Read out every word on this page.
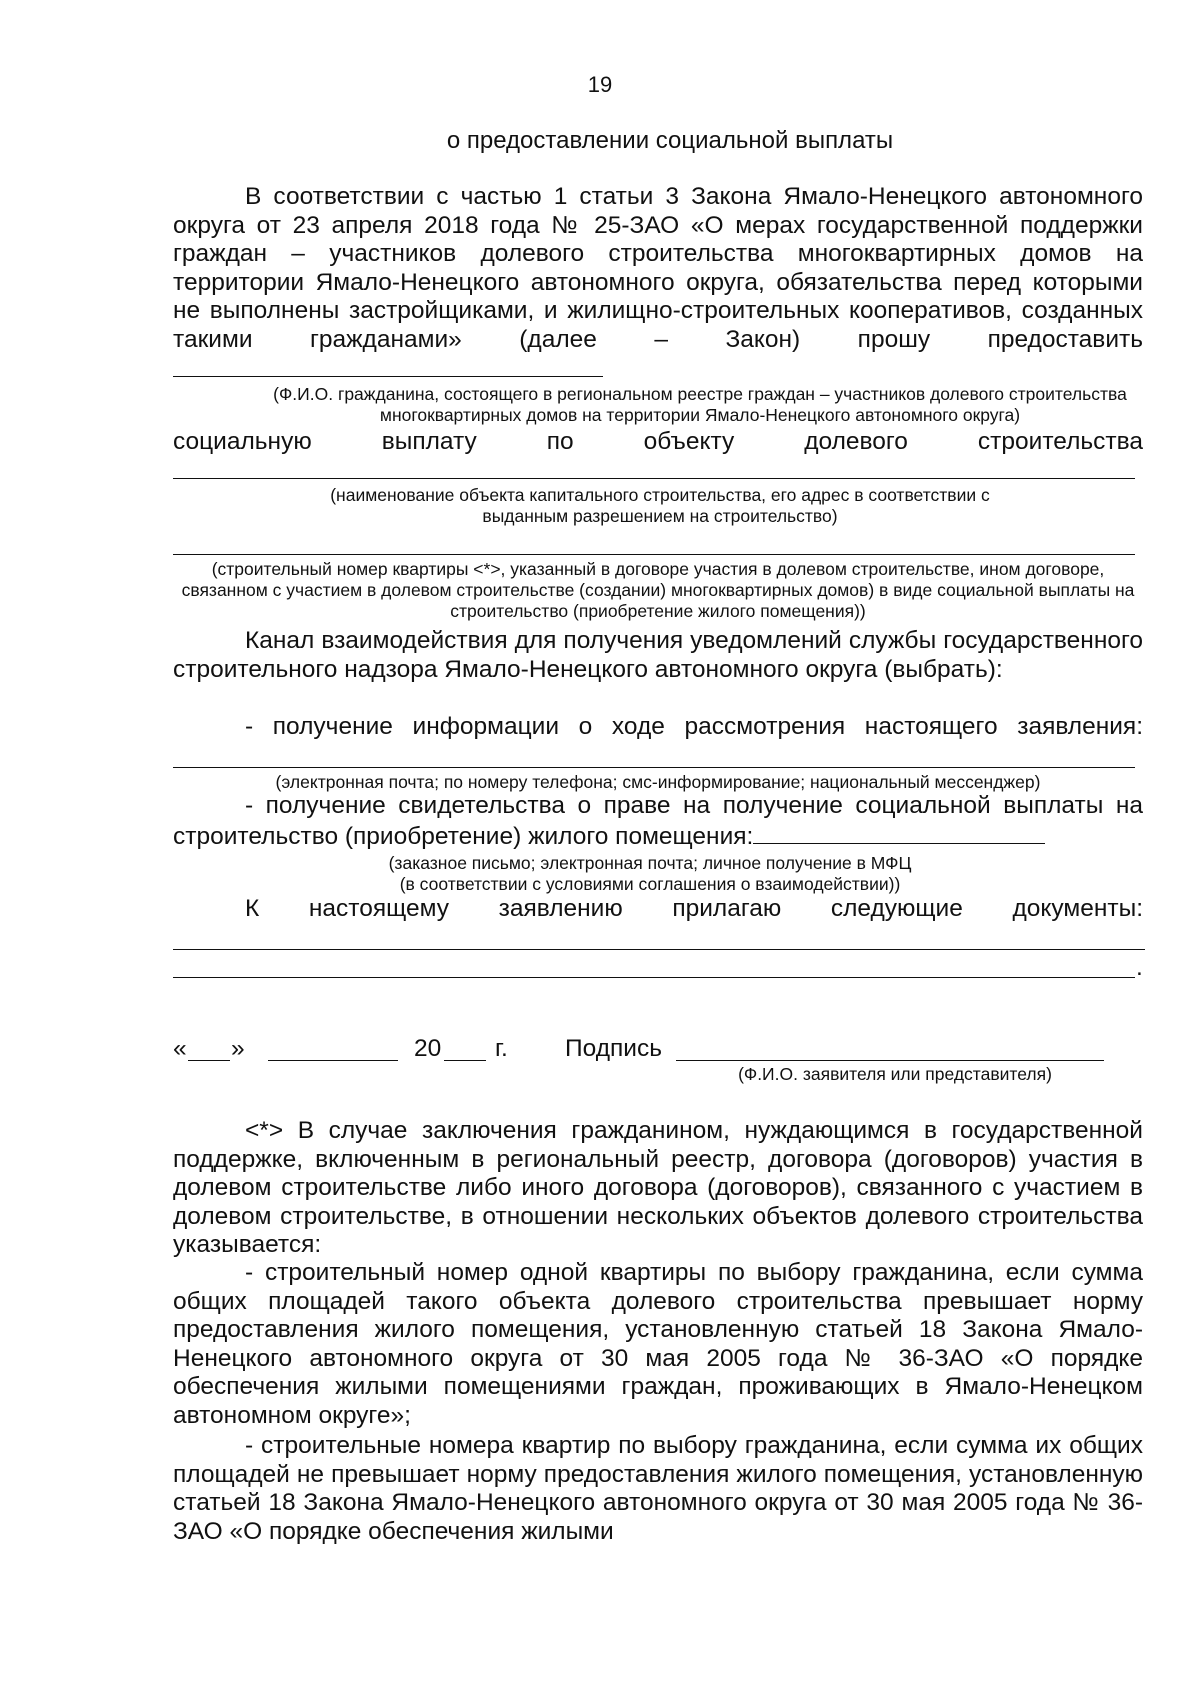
19
о предоставлении социальной выплаты
В соответствии с частью 1 статьи 3 Закона Ямало-Ненецкого автономного округа от 23 апреля 2018 года № 25-ЗАО «О мерах государственной поддержки граждан – участников долевого строительства многоквартирных домов на территории Ямало-Ненецкого автономного округа, обязательства перед которыми не выполнены застройщиками, и жилищно-строительных кооперативов, созданных такими гражданами» (далее – Закон) прошу предоставить
(Ф.И.О. гражданина, состоящего в региональном реестре граждан – участников долевого строительства многоквартирных домов на территории Ямало-Ненецкого автономного округа)
социальную выплату по объекту долевого строительства
(наименование объекта капитального строительства, его адрес в соответствии с выданным разрешением на строительство)
(строительный номер квартиры <*>, указанный в договоре участия в долевом строительстве, ином договоре, связанном с участием в долевом строительстве (создании) многоквартирных домов) в виде социальной выплаты на строительство (приобретение жилого помещения))
Канал взаимодействия для получения уведомлений службы государственного строительного надзора Ямало-Ненецкого автономного округа (выбрать):
- получение информации о ходе рассмотрения настоящего заявления:
(электронная почта; по номеру телефона; смс-информирование; национальный мессенджер)
- получение свидетельства о праве на получение социальной выплаты на строительство (приобретение) жилого помещения:
(заказное письмо; электронная почта; личное получение в МФЦ
(в соответствии с условиями соглашения о взаимодействии))
К настоящему заявлению прилагаю следующие документы:
.
« »	20 г. Подпись
(Ф.И.О. заявителя или представителя)
<*> В случае заключения гражданином, нуждающимся в государственной поддержке, включенным в региональный реестр, договора (договоров) участия в долевом строительстве либо иного договора (договоров), связанного с участием в долевом строительстве, в отношении нескольких объектов долевого строительства указывается:
- строительный номер одной квартиры по выбору гражданина, если сумма общих площадей такого объекта долевого строительства превышает норму предоставления жилого помещения, установленную статьей 18 Закона Ямало-Ненецкого автономного округа от 30 мая 2005 года № 36-ЗАО «О порядке обеспечения жилыми помещениями граждан, проживающих в Ямало-Ненецком автономном округе»;
- строительные номера квартир по выбору гражданина, если сумма их общих площадей не превышает норму предоставления жилого помещения, установленную статьей 18 Закона Ямало-Ненецкого автономного округа от 30 мая 2005 года № 36-ЗАО «О порядке обеспечения жилыми
